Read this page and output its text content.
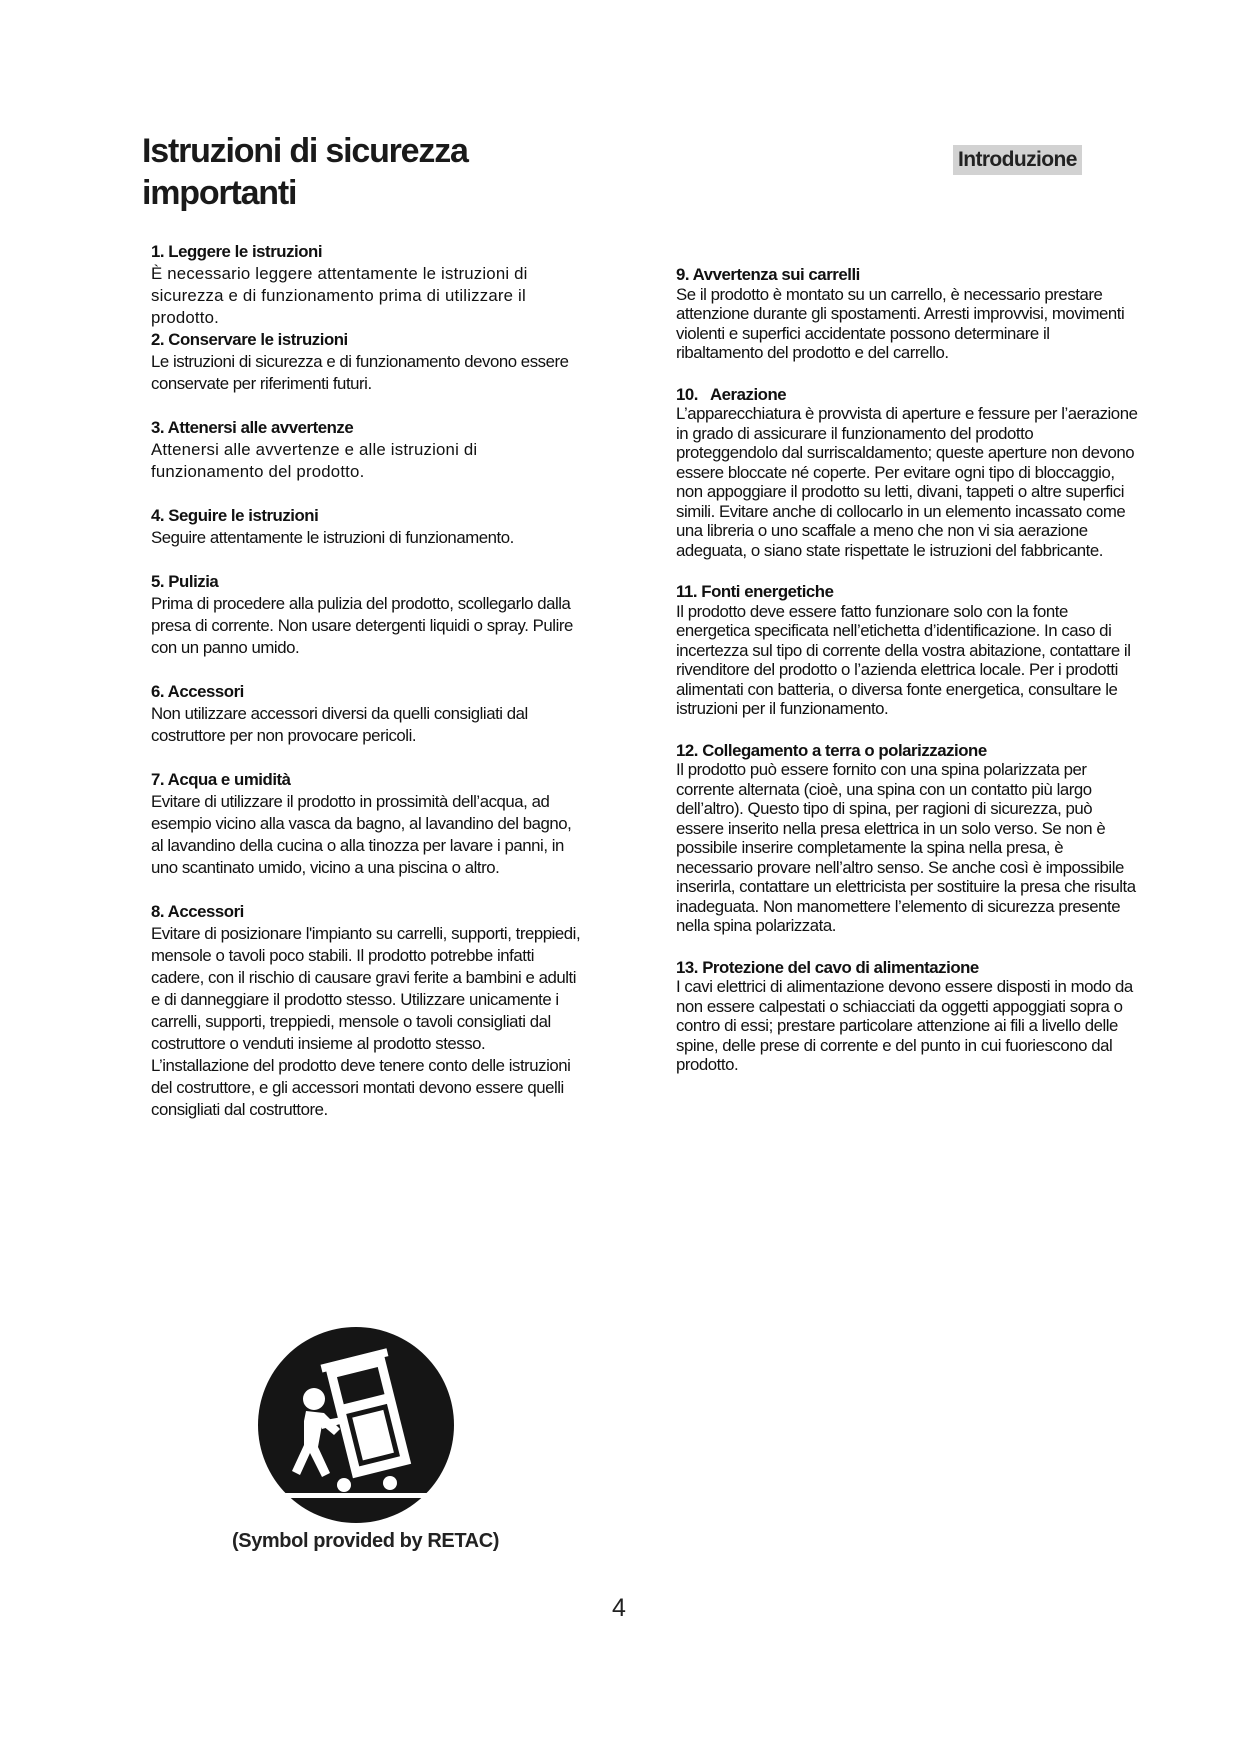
Istruzioni di sicurezza
importanti
Introduzione
1. Leggere le istruzioni
È necessario leggere attentamente le istruzioni di sicurezza e di funzionamento prima di utilizzare il prodotto.
2. Conservare le istruzioni
Le istruzioni di sicurezza e di funzionamento devono essere conservate per riferimenti futuri.
3. Attenersi alle avvertenze
Attenersi alle avvertenze e alle istruzioni di funzionamento del prodotto.
4. Seguire le istruzioni
Seguire attentamente le istruzioni di funzionamento.
5. Pulizia
Prima di procedere alla pulizia del prodotto, scollegarlo dalla presa di corrente. Non usare detergenti liquidi o spray. Pulire con un panno umido.
6. Accessori
Non utilizzare accessori diversi da quelli consigliati dal costruttore per non provocare pericoli.
7. Acqua e umidità
Evitare di utilizzare il prodotto in prossimità dell’acqua, ad esempio vicino alla vasca da bagno, al lavandino del bagno, al lavandino della cucina o alla tinozza per lavare i panni, in uno scantinato umido, vicino a una piscina o altro.
8. Accessori
Evitare di posizionare l'impianto su carrelli, supporti, treppiedi, mensole o tavoli poco stabili. Il prodotto potrebbe infatti cadere, con il rischio di causare gravi ferite a bambini e adulti e di danneggiare il prodotto stesso. Utilizzare unicamente i carrelli, supporti, treppiedi, mensole o tavoli consigliati dal costruttore o venduti insieme al prodotto stesso. L’installazione del prodotto deve tenere conto delle istruzioni del costruttore, e gli accessori montati devono essere quelli consigliati dal costruttore.
9. Avvertenza sui carrelli
Se il prodotto è montato su un carrello, è necessario prestare attenzione durante gli spostamenti. Arresti improvvisi, movimenti violenti e superfici accidentate possono determinare il ribaltamento del prodotto e del carrello.
10.   Aerazione
L’apparecchiatura è provvista di aperture e fessure per l’aerazione in grado di assicurare il funzionamento del prodotto proteggendolo dal surriscaldamento; queste aperture non devono essere bloccate né coperte. Per evitare ogni tipo di bloccaggio, non appoggiare il prodotto su letti, divani, tappeti o altre superfici simili. Evitare anche di collocarlo in un elemento incassato come una libreria o uno scaffale a meno che non vi sia aerazione adeguata, o siano state rispettate le istruzioni del fabbricante.
11. Fonti energetiche
Il prodotto deve essere fatto funzionare solo con la fonte energetica specificata nell’etichetta d’identificazione. In caso di incertezza sul tipo di corrente della vostra abitazione, contattare il rivenditore del prodotto o l’azienda elettrica locale. Per i prodotti alimentati con batteria, o diversa fonte energetica, consultare le istruzioni per il funzionamento.
12. Collegamento a terra o polarizzazione
Il prodotto può essere fornito con una spina polarizzata per corrente alternata (cioè, una spina con un contatto più largo dell’altro). Questo tipo di spina, per ragioni di sicurezza, può essere inserito nella presa elettrica in un solo verso. Se non è possibile inserire completamente la spina nella presa, è necessario provare nell’altro senso. Se anche così è impossibile inserirla, contattare un elettricista per sostituire la presa che risulta inadeguata. Non manomettere l’elemento di sicurezza presente nella spina polarizzata.
13. Protezione del cavo di alimentazione
I cavi elettrici di alimentazione devono essere disposti in modo da non essere calpestati o schiacciati da oggetti appoggiati sopra o contro di essi; prestare particolare attenzione ai fili a livello delle spine, delle prese di corrente e del punto in cui fuoriescono dal prodotto.
(Symbol provided by RETAC)
4
